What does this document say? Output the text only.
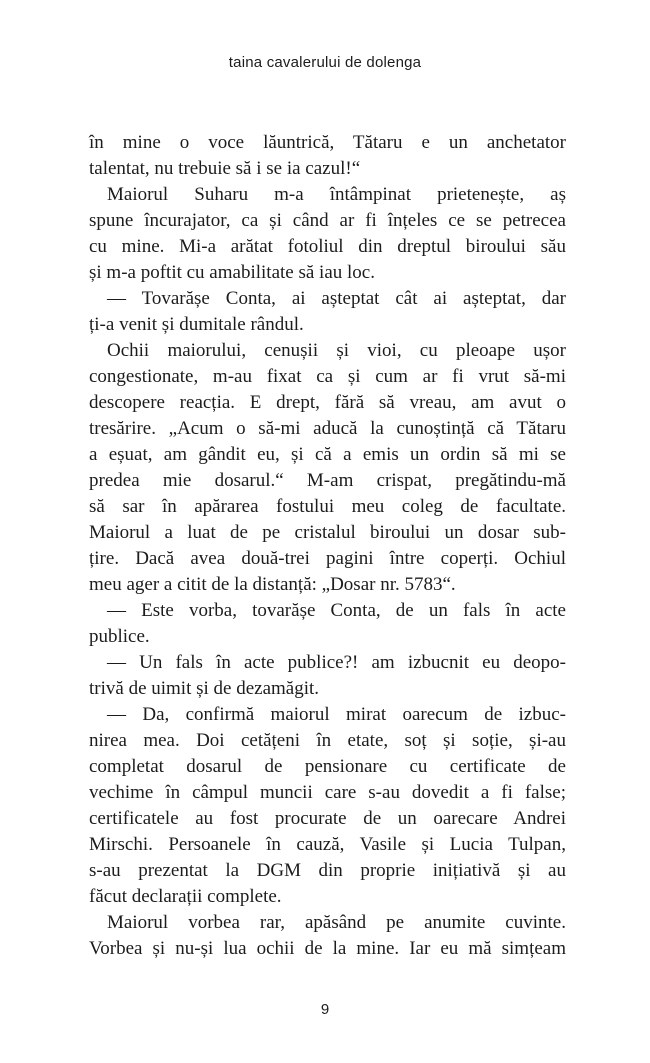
taina cavalerului de dolenga

în mine o voce lăuntrică, Tătaru e un anchetator
talentat, nu trebuie să i se ia cazul!“

Maiorul Suharu m-a întâmpinat prietenește, aș
spune încurajator, ca și când ar fi înțeles ce se petrecea
cu mine. Mi-a arătat fotoliul din dreptul biroului său
și m-a poftit cu amabilitate să iau loc.

— Tovarășe Conta, ai așteptat cât ai așteptat, dar
ți-a venit și dumitale rândul.

Ochii maiorului, cenușii și vioi, cu pleoape ușor
congestionate, m-au fixat ca și cum ar fi vrut să-mi
descopere reacția. E drept, fără să vreau, am avut o
tresărire. „Acum o să-mi aducă la cunoștință că Tătaru
a eșuat, am gândit eu, și că a emis un ordin să mi se
predea mie dosarul.“ M-am crispat, pregătindu-mă
să sar în apărarea fostului meu coleg de facultate.
Maiorul a luat de pe cristalul biroului un dosar sub-
țire. Dacă avea două-trei pagini între coperți. Ochiul
meu ager a citit de la distanță: „Dosar nr. 5783“.

— Este vorba, tovarășe Conta, de un fals în acte
publice.

— Un fals în acte publice?! am izbucnit eu deopo-
trivă de uimit și de dezamăgit.

— Da, confirmă maiorul mirat oarecum de izbuc-
nirea mea. Doi cetățeni în etate, soț și soție, și-au
completat dosarul de pensionare cu certificate de
vechime în câmpul muncii care s-au dovedit a fi false;
certificatele au fost procurate de un oarecare Andrei
Mirschi. Persoanele în cauză, Vasile și Lucia Tulpan,
s-au prezentat la DGM din proprie inițiativă și au
făcut declarații complete.

Maiorul vorbea rar, apăsând pe anumite cuvinte.
Vorbea și nu-și lua ochii de la mine. Iar eu mă simțeam

9
